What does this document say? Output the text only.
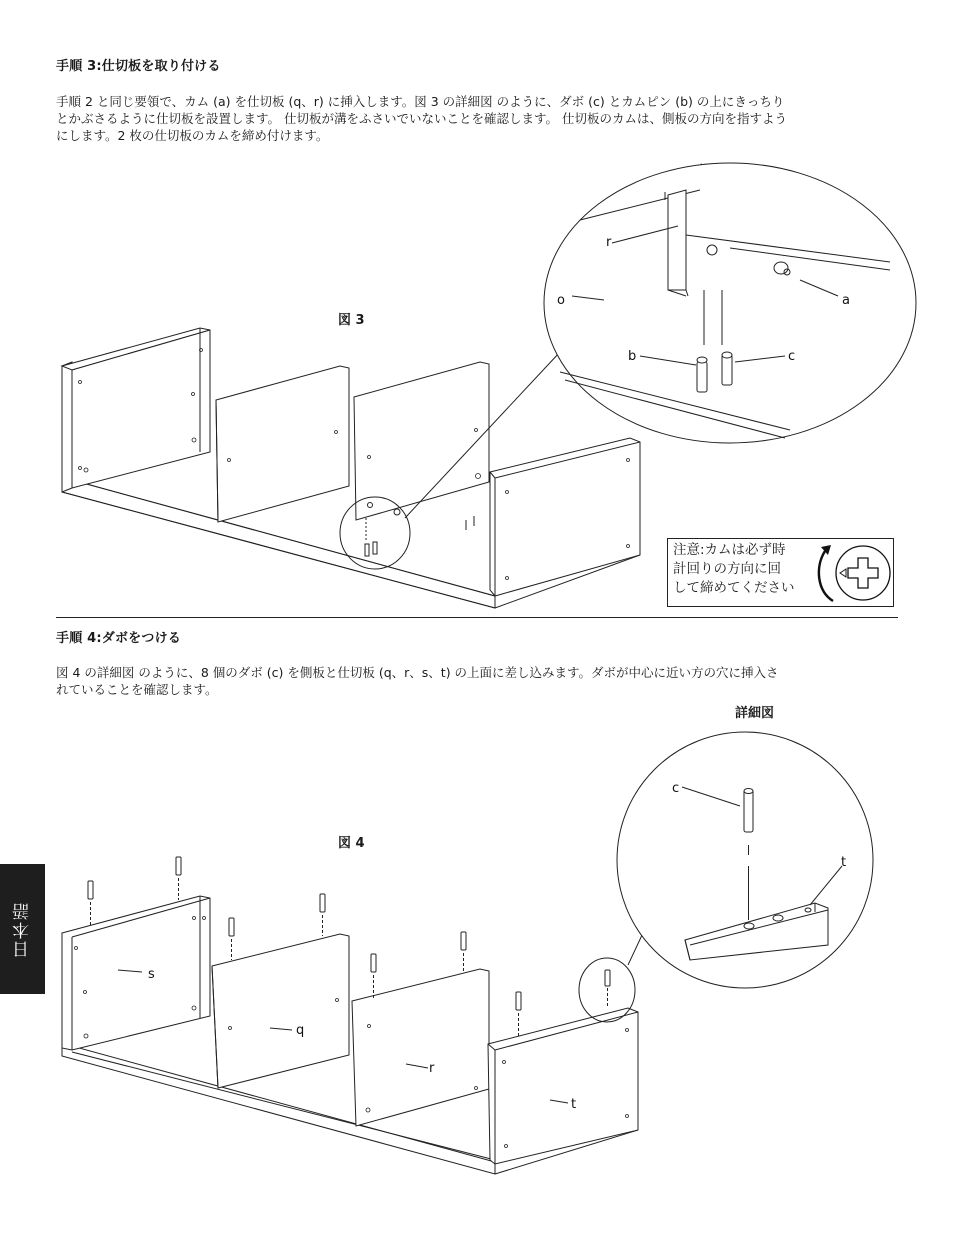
手順 3:仕切板を取り付ける
手順 2 と同じ要領で、カム (a) を仕切板 (q、r) に挿入します。図 3 の詳細図 のように、ダボ (c) とカムピン (b) の上にきっちり
とかぶさるように仕切板を設置します。 仕切板が溝をふさいでいないことを確認します。 仕切板のカムは、側板の方向を指すよう
にします。2 枚の仕切板のカムを締め付けます。
図 3
r
o	a
b	c
c
t
s
q
r
t
注意:カムは必ず時
計回りの方向に回
して締めてください
手順 4:ダボをつける
図 4 の詳細図 のように、8 個のダボ (c) を側板と仕切板 (q、r、s、t) の上面に差し込みます。ダボが中心に近い方の穴に挿入さ
れていることを確認します。
詳細図
図 4
日本語
